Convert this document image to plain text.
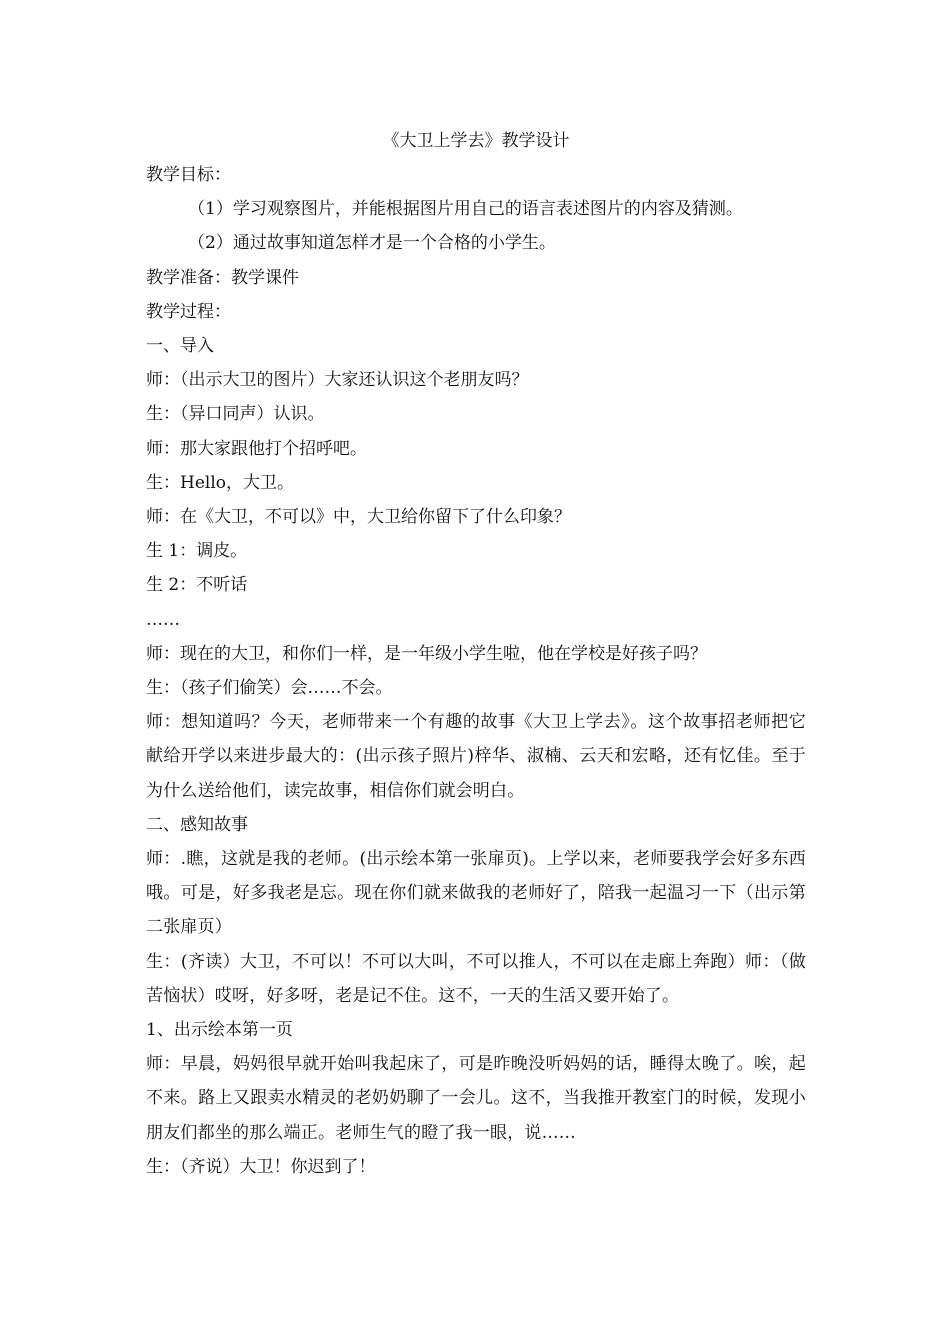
《大卫上学去》教学设计

教学目标：

（1）学习观察图片，并能根据图片用自己的语言表述图片的内容及猜测。

（2）通过故事知道怎样才是一个合格的小学生。

教学准备：教学课件

教学过程：

一、导入

师：（出示大卫的图片）大家还认识这个老朋友吗？

生：（异口同声）认识。

师：那大家跟他打个招呼吧。

生：Hello，大卫。

师：在《大卫，不可以》中，大卫给你留下了什么印象？

生 1：调皮。

生 2：不听话

……

师：现在的大卫，和你们一样，是一年级小学生啦，他在学校是好孩子吗？

生：（孩子们偷笑）会……不会。

师：想知道吗？今天，老师带来一个有趣的故事《大卫上学去》。这个故事招老师把它献给开学以来进步最大的：(出示孩子照片)梓华、淑楠、云天和宏略，还有忆佳。至于为什么送给他们，读完故事，相信你们就会明白。

二、感知故事

师：.瞧，这就是我的老师。(出示绘本第一张扉页)。上学以来，老师要我学会好多东西哦。可是，好多我老是忘。现在你们就来做我的老师好了，陪我一起温习一下（出示第二张扉页）

生：(齐读）大卫，不可以！不可以大叫，不可以推人，不可以在走廊上奔跑）师：（做苦恼状）哎呀，好多呀，老是记不住。这不，一天的生活又要开始了。

1、出示绘本第一页

师：早晨，妈妈很早就开始叫我起床了，可是昨晚没听妈妈的话，睡得太晚了。唉，起不来。路上又跟卖水精灵的老奶奶聊了一会儿。这不，当我推开教室门的时候，发现小朋友们都坐的那么端正。老师生气的瞪了我一眼，说……

生：（齐说）大卫！你迟到了！
